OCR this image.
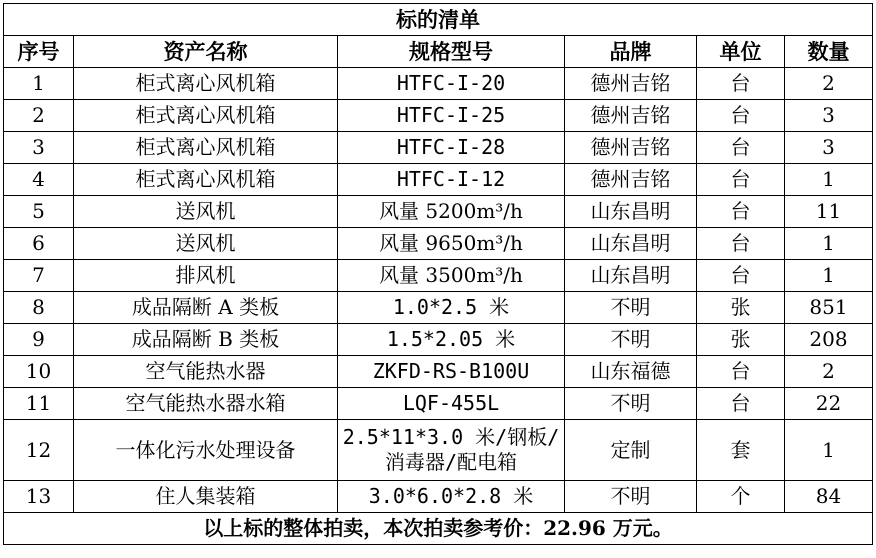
标的清单					
序号	资产名称	规格型号	品牌	单位	数量
1	柜式离心风机箱	HTFC-I-20	德州吉铭	台	2
2	柜式离心风机箱	HTFC-I-25	德州吉铭	台	3
3	柜式离心风机箱	HTFC-I-28	德州吉铭	台	3
4	柜式离心风机箱	HTFC-I-12	德州吉铭	台	1
5	送风机	风量 5200m³/h	山东昌明	台	11
6	送风机	风量 9650m³/h	山东昌明	台	1
7	排风机	风量 3500m³/h	山东昌明	台	1
8	成品隔断 A 类板	1.0*2.5 米	不明	张	851
9	成品隔断 B 类板	1.5*2.05 米	不明	张	208
10	空气能热水器	ZKFD-RS-B100U	山东福德	台	2
11	空气能热水器水箱	LQF-455L	不明	台	22
12	一体化污水处理设备	2.5*11*3.0 米/钢板/消毒器/配电箱	定制	套	1
13	住人集装箱	3.0*6.0*2.8 米	不明	个	84
以上标的整体拍卖，本次拍卖参考价：22.96 万元。					
